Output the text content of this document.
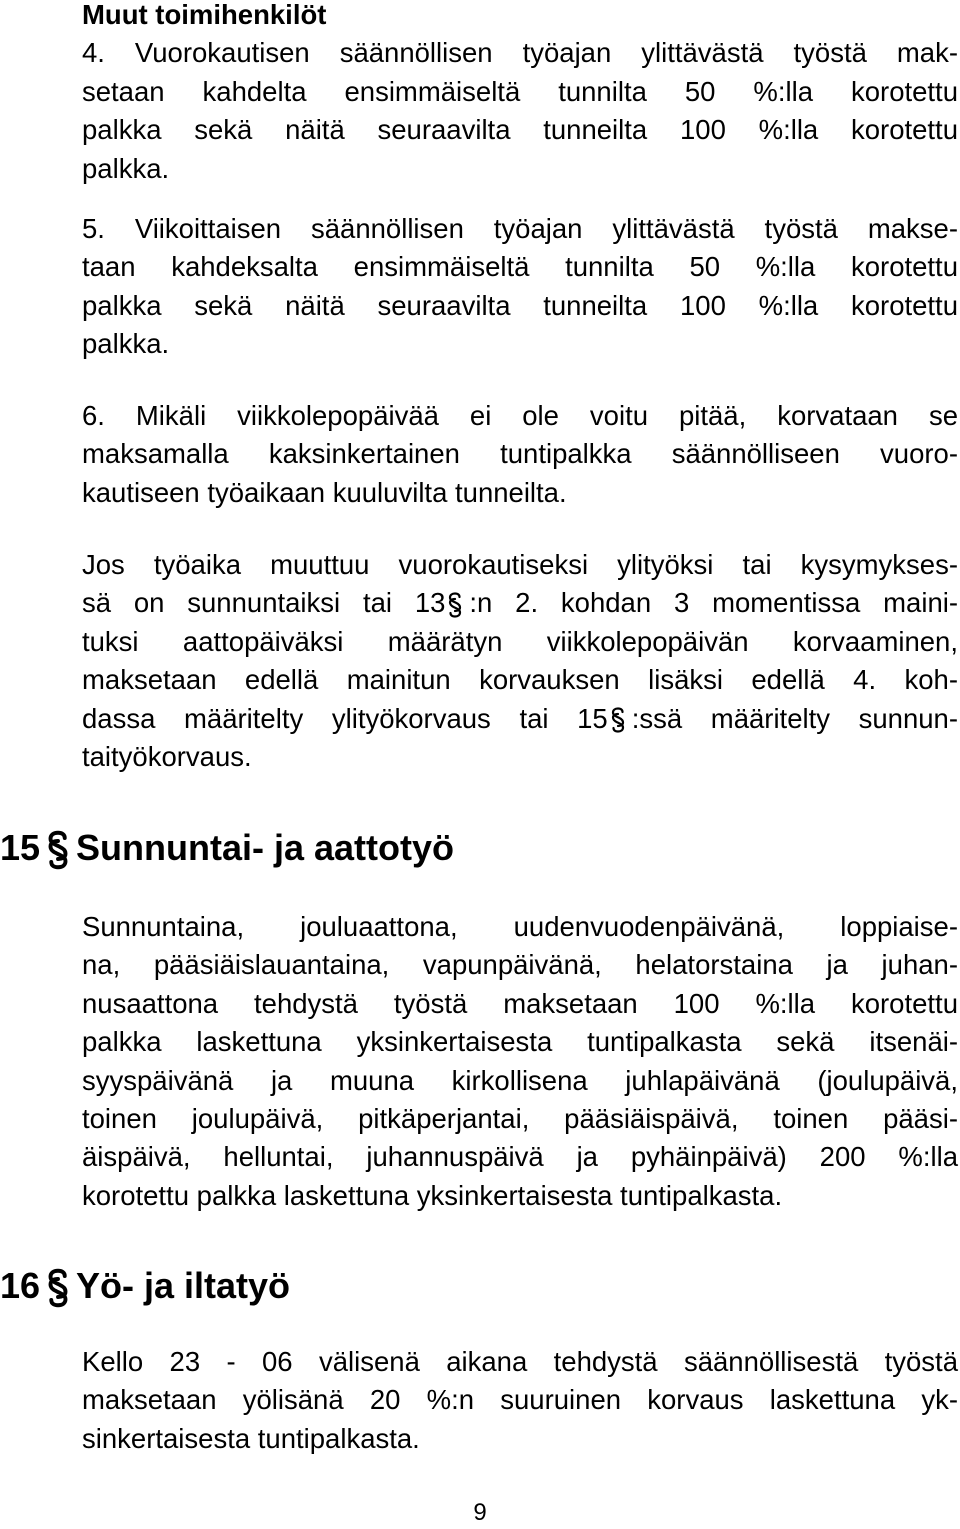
Muut toimihenkilöt
4. Vuorokautisen säännöllisen työajan ylittävästä työstä mak-
setaan kahdelta ensimmäiseltä tunnilta 50 %:lla korotettu
palkka sekä näitä seuraavilta tunneilta 100 %:lla korotettu
palkka.
5. Viikoittaisen säännöllisen työajan ylittävästä työstä makse-
taan kahdeksalta ensimmäiseltä tunnilta 50 %:lla korotettu
palkka sekä näitä seuraavilta tunneilta 100 %:lla korotettu
palkka.
6. Mikäli viikkolepopäivää ei ole voitu pitää, korvataan se
maksamalla kaksinkertainen tuntipalkka säännölliseen vuoro-
kautiseen työaikaan kuuluvilta tunneilta.
Jos työaika muuttuu vuorokautiseksi ylityöksi tai kysymykses-
sä on sunnuntaiksi tai 13 :n 2. kohdan 3 momentissa maini-
tuksi aattopäiväksi määrätyn viikkolepopäivän korvaaminen,
maksetaan edellä mainitun korvauksen lisäksi edellä 4. koh-
dassa määritelty ylityökorvaus tai 15 :ssä määritelty sunnun-
taityökorvaus.
15 Sunnuntai- ja aattotyö
Sunnuntaina, jouluaattona, uudenvuodenpäivänä, loppiaise-
na, pääsiäislauantaina, vapunpäivänä, helatorstaina ja juhan-
nusaattona tehdystä työstä maksetaan 100 %:lla korotettu
palkka laskettuna yksinkertaisesta tuntipalkasta sekä itsenäi-
syyspäivänä ja muuna kirkollisena juhlapäivänä (joulupäivä,
toinen joulupäivä, pitkäperjantai, pääsiäispäivä, toinen pääsi-
äispäivä, helluntai, juhannuspäivä ja pyhäinpäivä) 200 %:lla
korotettu palkka laskettuna yksinkertaisesta tuntipalkasta.
16 Yö- ja iltatyö
Kello 23 - 06 välisenä aikana tehdystä säännöllisestä työstä
maksetaan yölisänä 20 %:n suuruinen korvaus laskettuna yk-
sinkertaisesta tuntipalkasta.
9
